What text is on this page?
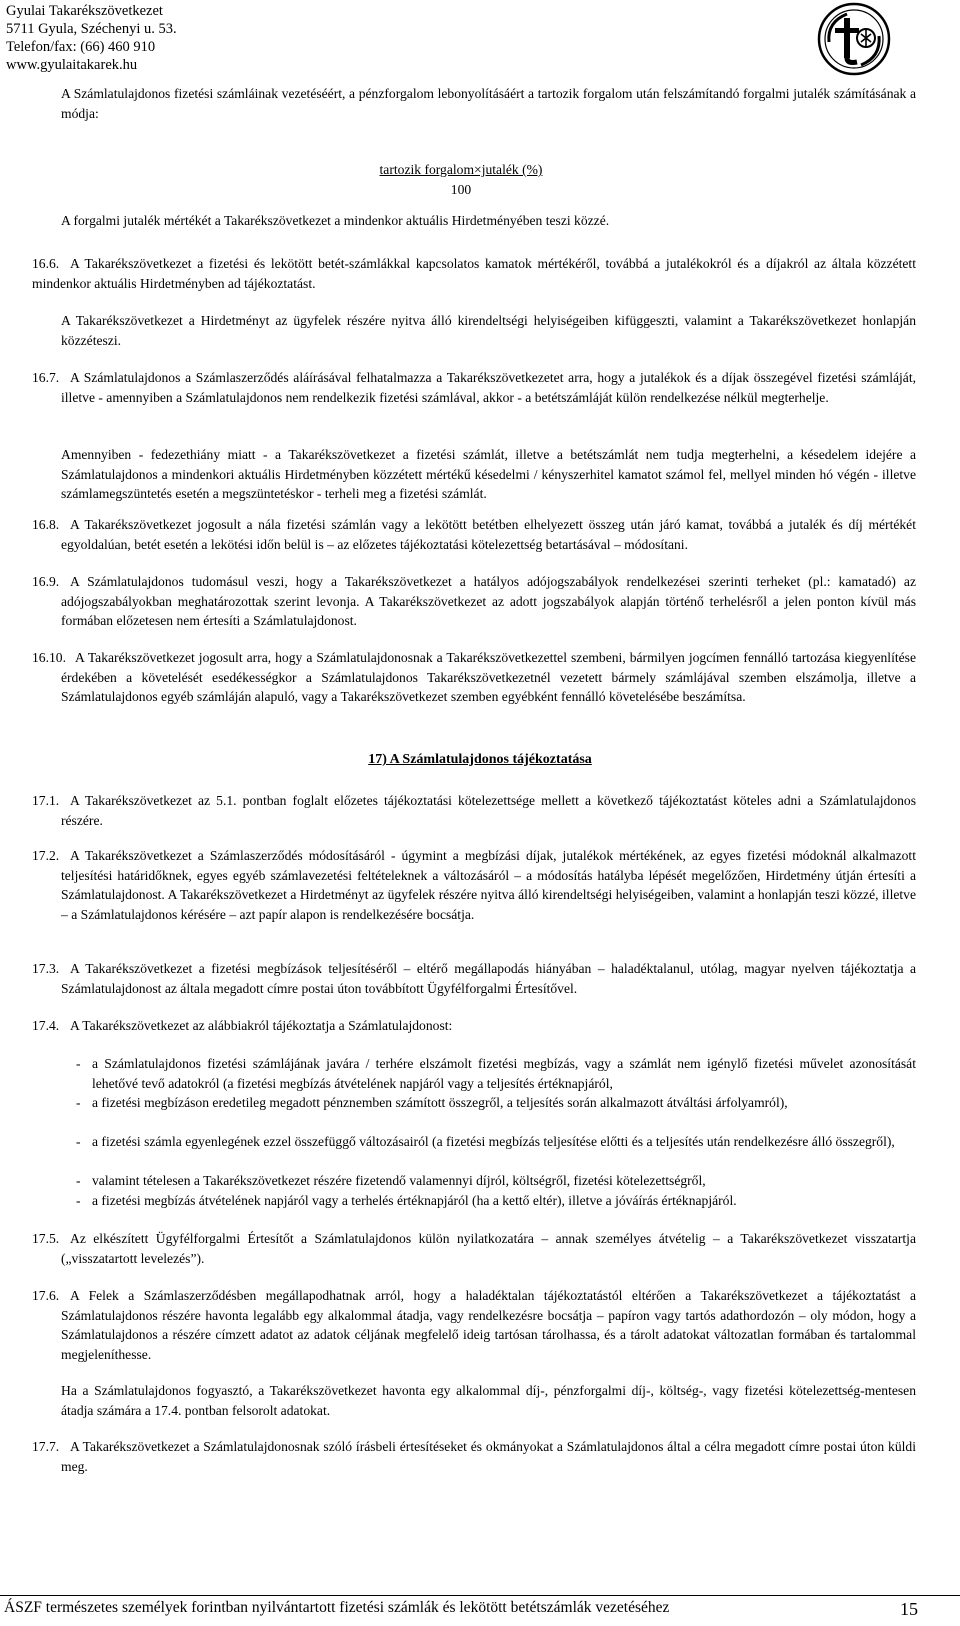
Gyulai Takarékszövetkezet
5711 Gyula, Széchenyi u. 53.
Telefon/fax: (66) 460 910
www.gyulaitakarek.hu
A Számlatulajdonos fizetési számláinak vezetéséért, a pénzforgalom lebonyolításáért a tartozik forgalom után felszámítandó forgalmi jutalék számításának a módja:
tartozik forgalom×jutalék (%)
100
A forgalmi jutalék mértékét a Takarékszövetkezet a mindenkor aktuális Hirdetményében teszi közzé.
16.6. A Takarékszövetkezet a fizetési és lekötött betét-számlákkal kapcsolatos kamatok mértékéről, továbbá a jutalékokról és a díjakról az általa közzétett mindenkor aktuális Hirdetményben ad tájékoztatást.
A Takarékszövetkezet a Hirdetményt az ügyfelek részére nyitva álló kirendeltségi helyiségeiben kifüggeszti, valamint a Takarékszövetkezet honlapján közzéteszi.
16.7. A Számlatulajdonos a Számlaszerződés aláírásával felhatalmazza a Takarékszövetkezetet arra, hogy a jutalékok és a díjak összegével fizetési számláját, illetve - amennyiben a Számlatulajdonos nem rendelkezik fizetési számlával, akkor - a betétszámláját külön rendelkezése nélkül megterhelje.
Amennyiben - fedezethiány miatt - a Takarékszövetkezet a fizetési számlát, illetve a betétszámlát nem tudja megterhelni, a késedelem idejére a Számlatulajdonos a mindenkori aktuális Hirdetményben közzétett mértékű késedelmi / kényszerhitel kamatot számol fel, mellyel minden hó végén - illetve számlamegszüntetés esetén a megszüntetéskor - terheli meg a fizetési számlát.
16.8. A Takarékszövetkezet jogosult a nála fizetési számlán vagy a lekötött betétben elhelyezett összeg után járó kamat, továbbá a jutalék és díj mértékét egyoldalúan, betét esetén a lekötési időn belül is – az előzetes tájékoztatási kötelezettség betartásával – módosítani.
16.9. A Számlatulajdonos tudomásul veszi, hogy a Takarékszövetkezet a hatályos adójogszabályok rendelkezései szerinti terheket (pl.: kamatadó) az adójogszabályokban meghatározottak szerint levonja. A Takarékszövetkezet az adott jogszabályok alapján történő terhelésről a jelen ponton kívül más formában előzetesen nem értesíti a Számlatulajdonost.
16.10. A Takarékszövetkezet jogosult arra, hogy a Számlatulajdonosnak a Takarékszövetkezettel szembeni, bármilyen jogcímen fennálló tartozása kiegyenlítése érdekében a követelését esedékességkor a Számlatulajdonos Takarékszövetkezetnél vezetett bármely számlájával szemben elszámolja, illetve a Számlatulajdonos egyéb számláján alapuló, vagy a Takarékszövetkezet szemben egyébként fennálló követelésébe beszámítsa.
17) A Számlatulajdonos tájékoztatása
17.1. A Takarékszövetkezet az 5.1. pontban foglalt előzetes tájékoztatási kötelezettsége mellett a következő tájékoztatást köteles adni a Számlatulajdonos részére.
17.2. A Takarékszövetkezet a Számlaszerződés módosításáról - úgymint a megbízási díjak, jutalékok mértékének, az egyes fizetési módoknál alkalmazott teljesítési határidőknek, egyes egyéb számlavezetési feltételeknek a változásáról – a módosítás hatályba lépését megelőzően, Hirdetmény útján értesíti a Számlatulajdonost. A Takarékszövetkezet a Hirdetményt az ügyfelek részére nyitva álló kirendeltségi helyiségeiben, valamint a honlapján teszi közzé, illetve – a Számlatulajdonos kérésére – azt papír alapon is rendelkezésére bocsátja.
17.3. A Takarékszövetkezet a fizetési megbízások teljesítéséről – eltérő megállapodás hiányában – haladéktalanul, utólag, magyar nyelven tájékoztatja a Számlatulajdonost az általa megadott címre postai úton továbbított Ügyfélforgalmi Értesítővel.
17.4. A Takarékszövetkezet az alábbiakról tájékoztatja a Számlatulajdonost:
- a Számlatulajdonos fizetési számlájának javára / terhére elszámolt fizetési megbízás, vagy a számlát nem igénylő fizetési művelet azonosítását lehetővé tevő adatokról (a fizetési megbízás átvételének napjáról vagy a teljesítés értéknapjáról,
- a fizetési megbízáson eredetileg megadott pénznemben számított összegről, a teljesítés során alkalmazott átváltási árfolyamról),
- a fizetési számla egyenlegének ezzel összefüggő változásairól (a fizetési megbízás teljesítése előtti és a teljesítés után rendelkezésre álló összegről),
- valamint tételesen a Takarékszövetkezet részére fizetendő valamennyi díjról, költségről, fizetési kötelezettségről,
- a fizetési megbízás átvételének napjáról vagy a terhelés értéknapjáról (ha a kettő eltér), illetve a jóváírás értéknapjáról.
17.5. Az elkészített Ügyfélforgalmi Értesítőt a Számlatulajdonos külön nyilatkozatára – annak személyes átvételig – a Takarékszövetkezet visszatartja („visszatartott levelezés”).
17.6. A Felek a Számlaszerződésben megállapodhatnak arról, hogy a haladéktalan tájékoztatástól eltérően a Takarékszövetkezet a tájékoztatást a Számlatulajdonos részére havonta legalább egy alkalommal átadja, vagy rendelkezésre bocsátja – papíron vagy tartós adathordozón – oly módon, hogy a Számlatulajdonos a részére címzett adatot az adatok céljának megfelelő ideig tartósan tárolhassa, és a tárolt adatokat változatlan formában és tartalommal megjeleníthesse.
Ha a Számlatulajdonos fogyasztó, a Takarékszövetkezet havonta egy alkalommal díj-, pénzforgalmi díj-, költség-, vagy fizetési kötelezettség-mentesen átadja számára a 17.4. pontban felsorolt adatokat.
17.7. A Takarékszövetkezet a Számlatulajdonosnak szóló írásbeli értesítéseket és okmányokat a Számlatulajdonos által a célra megadott címre postai úton küldi meg.
ÁSZF természetes személyek forintban nyilvántartott fizetési számlák és lekötött betétszámlák vezetéséhez	15
